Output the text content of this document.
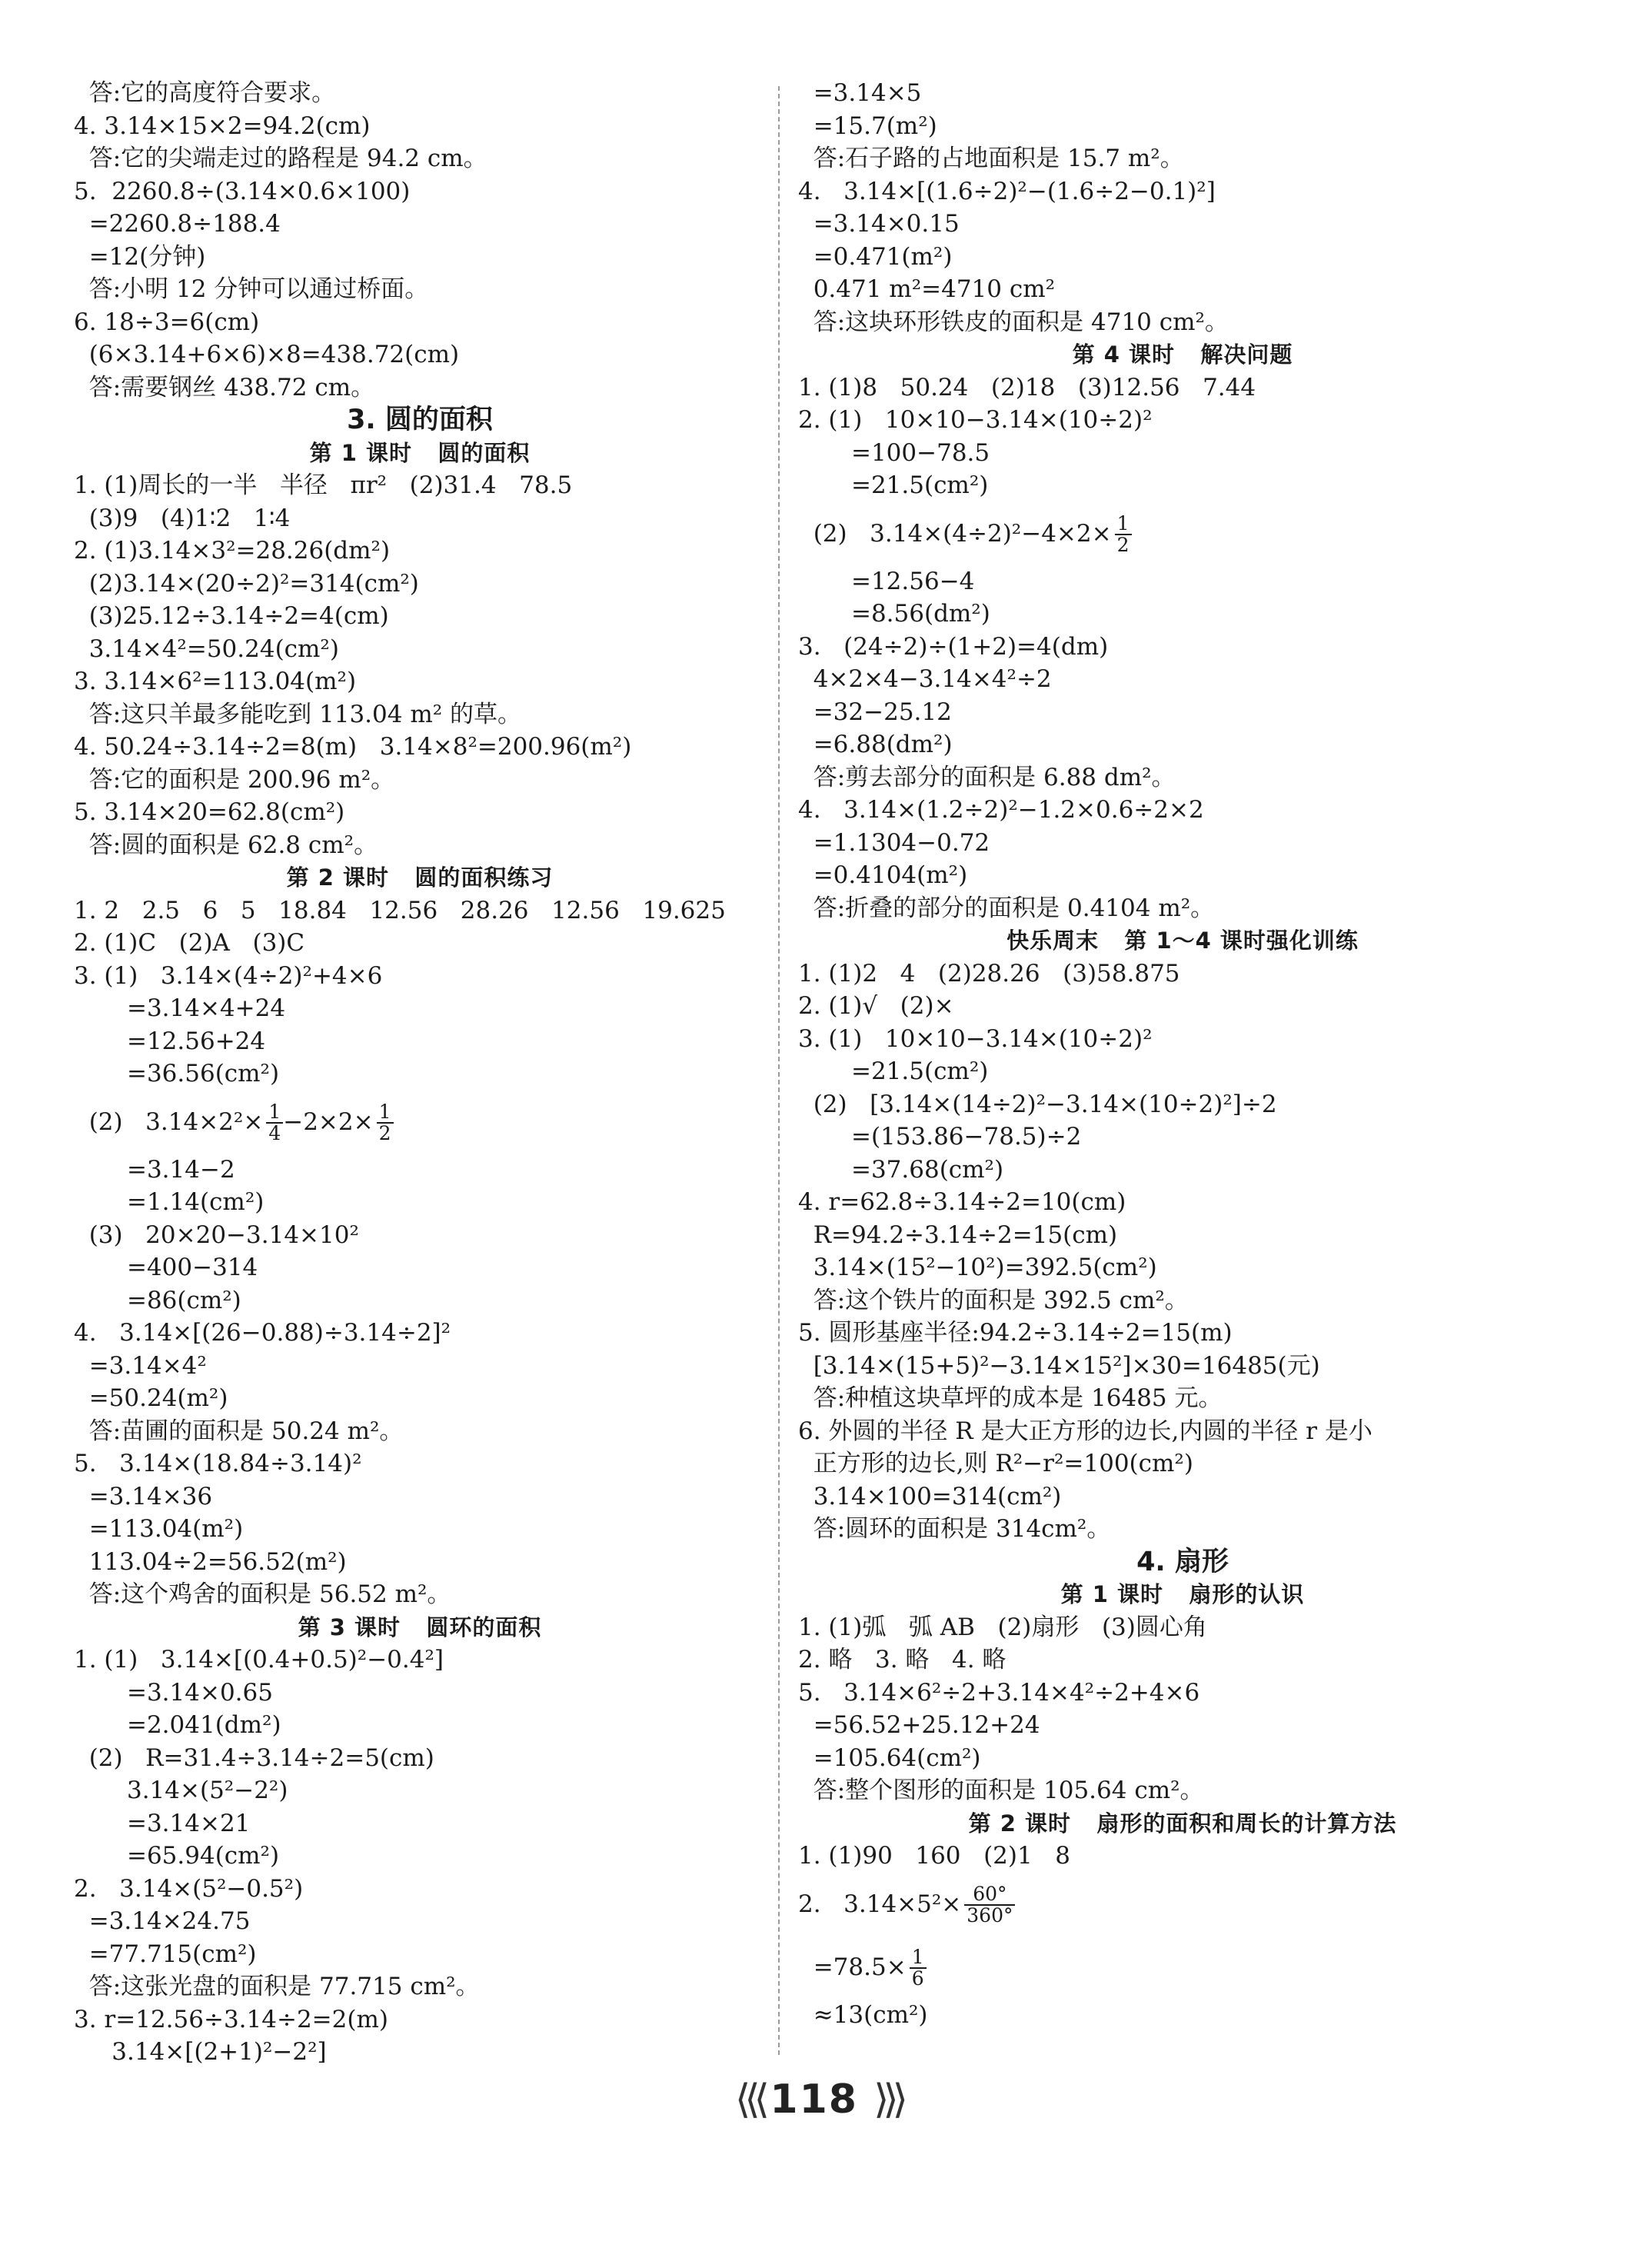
答:它的高度符合要求。
4. 3.14×15×2=94.2(cm)
答:它的尖端走过的路程是 94.2 cm。
5.  2260.8÷(3.14×0.6×100)
=2260.8÷188.4
=12(分钟)
答:小明 12 分钟可以通过桥面。
6. 18÷3=6(cm)
(6×3.14+6×6)×8=438.72(cm)
答:需要钢丝 438.72 cm。
3. 圆的面积
第 1 课时   圆的面积
1. (1)周长的一半   半径   πr²   (2)31.4   78.5
(3)9   (4)1∶2   1∶4
2. (1)3.14×3²=28.26(dm²)
(2)3.14×(20÷2)²=314(cm²)
(3)25.12÷3.14÷2=4(cm)
3.14×4²=50.24(cm²)
3. 3.14×6²=113.04(m²)
答:这只羊最多能吃到 113.04 m² 的草。
4. 50.24÷3.14÷2=8(m)   3.14×8²=200.96(m²)
答:它的面积是 200.96 m²。
5. 3.14×20=62.8(cm²)
答:圆的面积是 62.8 cm²。
第 2 课时   圆的面积练习
1. 2   2.5   6   5   18.84   12.56   28.26   12.56   19.625
2. (1)C   (2)A   (3)C
3. (1)   3.14×(4÷2)²+4×6
=3.14×4+24
=12.56+24
=36.56(cm²)
(2)   $3.14\times 2^2\times \frac{1}{4} -2\times 2\times \frac{1}{2}$
=3.14−2
=1.14(cm²)
(3)   20×20−3.14×10²
=400−314
=86(cm²)
4.   3.14×[(26−0.88)÷3.14÷2]²
=3.14×4²
=50.24(m²)
答:苗圃的面积是 50.24 m²。
5.   3.14×(18.84÷3.14)²
=3.14×36
=113.04(m²)
113.04÷2=56.52(m²)
答:这个鸡舍的面积是 56.52 m²。
第 3 课时   圆环的面积
1. (1)   3.14×[(0.4+0.5)²−0.4²]
=3.14×0.65
=2.041(dm²)
(2)   R=31.4÷3.14÷2=5(cm)
3.14×(5²−2²)
=3.14×21
=65.94(cm²)
2.   3.14×(5²−0.5²)
=3.14×24.75
=77.715(cm²)
答:这张光盘的面积是 77.715 cm²。
3. r=12.56÷3.14÷2=2(m)
3.14×[(2+1)²−2²]
=3.14×5
=15.7(m²)
答:石子路的占地面积是 15.7 m²。
4.   3.14×[(1.6÷2)²−(1.6÷2−0.1)²]
=3.14×0.15
=0.471(m²)
0.471 m²=4710 cm²
答:这块环形铁皮的面积是 4710 cm²。
第 4 课时   解决问题
1. (1)8   50.24   (2)18   (3)12.56   7.44
2. (1)   10×10−3.14×(10÷2)²
=100−78.5
=21.5(cm²)
(2)   $3.14\times(4\div 2)^2-4\times 2\times \frac{1}{2}$
=12.56−4
=8.56(dm²)
3.   (24÷2)÷(1+2)=4(dm)
4×2×4−3.14×4²÷2
=32−25.12
=6.88(dm²)
答:剪去部分的面积是 6.88 dm²。
4.   3.14×(1.2÷2)²−1.2×0.6÷2×2
=1.1304−0.72
=0.4104(m²)
答:折叠的部分的面积是 0.4104 m²。
快乐周末   第 1～4 课时强化训练
1. (1)2   4   (2)28.26   (3)58.875
2. (1)√   (2)×
3. (1)   10×10−3.14×(10÷2)²
=21.5(cm²)
(2)   [3.14×(14÷2)²−3.14×(10÷2)²]÷2
=(153.86−78.5)÷2
=37.68(cm²)
4. r=62.8÷3.14÷2=10(cm)
R=94.2÷3.14÷2=15(cm)
3.14×(15²−10²)=392.5(cm²)
答:这个铁片的面积是 392.5 cm²。
5. 圆形基座半径:94.2÷3.14÷2=15(m)
[3.14×(15+5)²−3.14×15²]×30=16485(元)
答:种植这块草坪的成本是 16485 元。
6. 外圆的半径 R 是大正方形的边长,内圆的半径 r 是小
正方形的边长,则 R²−r²=100(cm²)
3.14×100=314(cm²)
答:圆环的面积是 314cm²。
4. 扇形
第 1 课时   扇形的认识
1. (1)弧   弧 AB   (2)扇形   (3)圆心角
2. 略   3. 略   4. 略
5.   3.14×6²÷2+3.14×4²÷2+4×6
=56.52+25.12+24
=105.64(cm²)
答:整个图形的面积是 105.64 cm²。
第 2 课时   扇形的面积和周长的计算方法
1. (1)90   160   (2)1   8
2.   $3.14\times 5^2\times \frac{60^\circ}{360^\circ}$
$=78.5\times \frac{1}{6}$
≈13(cm²)
⟨⟨⟨ 118 ⟩⟩⟩
